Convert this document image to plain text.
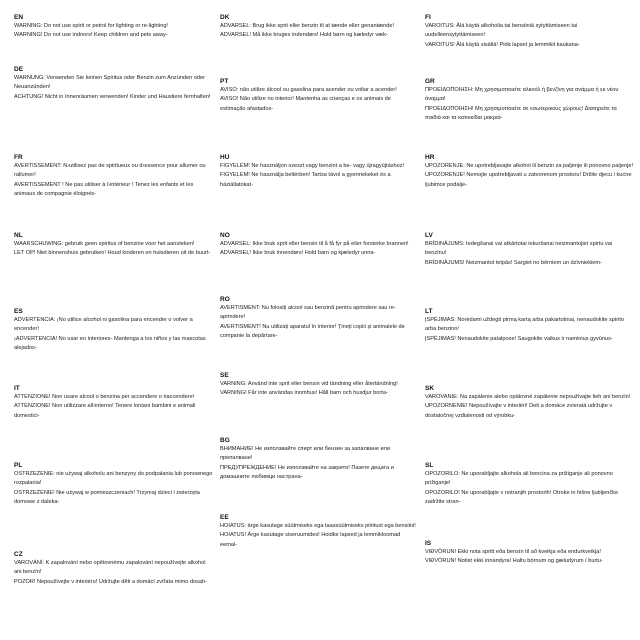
EN

WARNING: Do not use spirit or petrol for lighting or re-lighting!

WARNING! Do not use indoors! Keep children and pets away-

DE

WARNUNG: Verwenden Sie keinen Spiritus oder Benzin zum Anzünden oder Neuanzünden!

ACHTUNG! Nicht in Innenräumen verwenden! Kinder und Haustiere fernhalten!

FR

AVERTISSEMENT: N›utilisez pas de spiritueux ou d›essence pour allumer ou rallumer!

AVERTISSEMENT ! Ne pas utiliser à l›intérieur ! Tenez les enfants et les animaux de compagnie éloignés-

NL

WAARSCHUWING: gebruik geen spiritus of benzine voor het aansteken!

LET OP! Niet binnenshuis gebruiken! Houd kinderen en huisdieren uit de buurt-

ES

ADVERTENCIA: ¡No utilice alcohol ni gasolina para encender o volver a encender!

¡ADVERTENCIA! No usar en interiores- Mantenga a los niños y las mascotas alejados-

IT

ATTENZIONE! Non usare alcool o benzina per accendere o riaccendere!

ATTENZIONE! Non utilizzare all›interno! Tenere lontani bambini e animali domestici-

PL

OSTRZEŻENIE: nie używaj alkoholu ani benzyny do podpalania lub ponownego rozpalania!

OSTRZEŻENIE! Nie używaj w pomieszczeniach! Trzymaj dzieci i zwierzęta domowe z daleka-

CZ

VAROVÁNÍ: K zapalování nebo opětovnému zapalování nepoužívejte alkohol ani benzín!

POZOR! Nepoužívejte v interiéru! Udržujte děti a domácí zvířata mimo dosah-

DK

ADVARSEL: Brug ikke sprit eller benzin til at tænde eller genantænde!

ADVARSEL! Må ikke bruges indendørs! Hold børn og kæledyr væk-

PT

AVISO: não utilize álcool ou gasolina para acender ou voltar a acender!

AVISO! Não utilize no interior! Mantenha as crianças e os animais de estimação afastados-

HU

FIGYELEM! Ne használjon szeszt vagy benzint a be- vagy újragyújtáshoz!

FIGYELEM! Ne használja beltérben! Tartsa távol a gyermekeket és a háziállatokat-

NO

ADVARSEL: Ikke bruk sprit eller bensin til å få fyr på eller forsterke brannen!

ADVARSEL! Ikke bruk innendørs! Hold barn og kjæledyr unna-

RO

AVERTISMENT: Nu folosiți alcool sau benzină pentru aprindere sau re-aprindere!

AVERTISMENT! Nu utilizați aparatul în interior! Țineți copiii și animalele de companie la depărtare-

SE

VARNING: Använd inte sprit eller bensin vid tändning eller återtändning!

VARNING! Får inte användas inomhus! Håll barn och husdjur borta-

BG

ВНИМАНИЕ! Не използвайте спирт или бензин за запалване или препалване!

ПРЕДУПРЕЖДЕНИЕ! Не използвайте на закрито! Пазете децата и домашните любимци настрана-

EE

HOIATUS: ärge kasutage süütmiseks ega taassüütmiseks piiritust ega bensiini!

HOIATUS! Ärge kasutage siseruumides! Hoidke lapsed ja lemmikloomad eemal-

FI

VAROITUS: Älä käytä alkoholia tai bensiiniä sytyttämiseen tai uudelleensytyttämiseen!

VAROITUS! Älä käytä sisällä! Pidä lapset ja lemmikit kaukana-

GR

ΠΡΟΕΙΔΟΠΟΙΗΣΗ: Μη χρησιμοποιείτε αλκοόλ ή βενζίνη για ανάμμα ή εκ νέου άναμμα!

ΠΡΟΕΙΔΟΠΟΙΗΣΗ! Μη χρησιμοποιείτε σε εσωτερικούς χώρους! Διατηρείτε τα παιδιά και τα κατοικίδια μακριά-

HR

UPOZORENJE: Ne upotrebljavajte alkohol ili benzin za paljenje ili ponovno paljenje!

UPOZORENJE! Nemojte upotrebljavati u zatvorenom prostoru! Držite djecu i kućne ljubimce podalje-

LV

BRĪDINĀJUMS: Iedegšanai vai atkārtotai iekuršanai neizmantojiet spirtu vai benzīnu!

BRĪDINĀJUMS! Neizmantot telpās! Sargiet no bērniem un dzīvniekiem-

LT

ĮSPĖJIMAS: Norėdami uždegti pirmą kartą arba pakartotinai, nenaudokite spirito arba benzino!

ĮSPĖJIMAS! Nenaudokite patalpose! Saugokite vaikus ir naminius gyvūnus-

SK

VAROVANIE: Na zapálenie alebo opätovné zapálenie nepoužívajte lieh ani benzín!

UPOZORNENIE! Nepoužívajte v interiéri! Deti a domáce zvieratá udržujte v dostatočnej vzdialenosti od výrobku-

SL

OPOZORILO: Ne uporabljajte alkohola ali bencina za prižiganje ali ponovno prižiganje!

OPOZORILO! Ne uporabljajte v notranjih prostorih! Otroke in hišne ljubljenčke zadržite stran-

IS

VIÐVÖRUN! Ekki nota spritt eða bensín til að kveikja eða endurkveikja!

VIÐVÖRUN! Notist ekki innandyra! Haltu börnum og gæludýrum í burtu-
